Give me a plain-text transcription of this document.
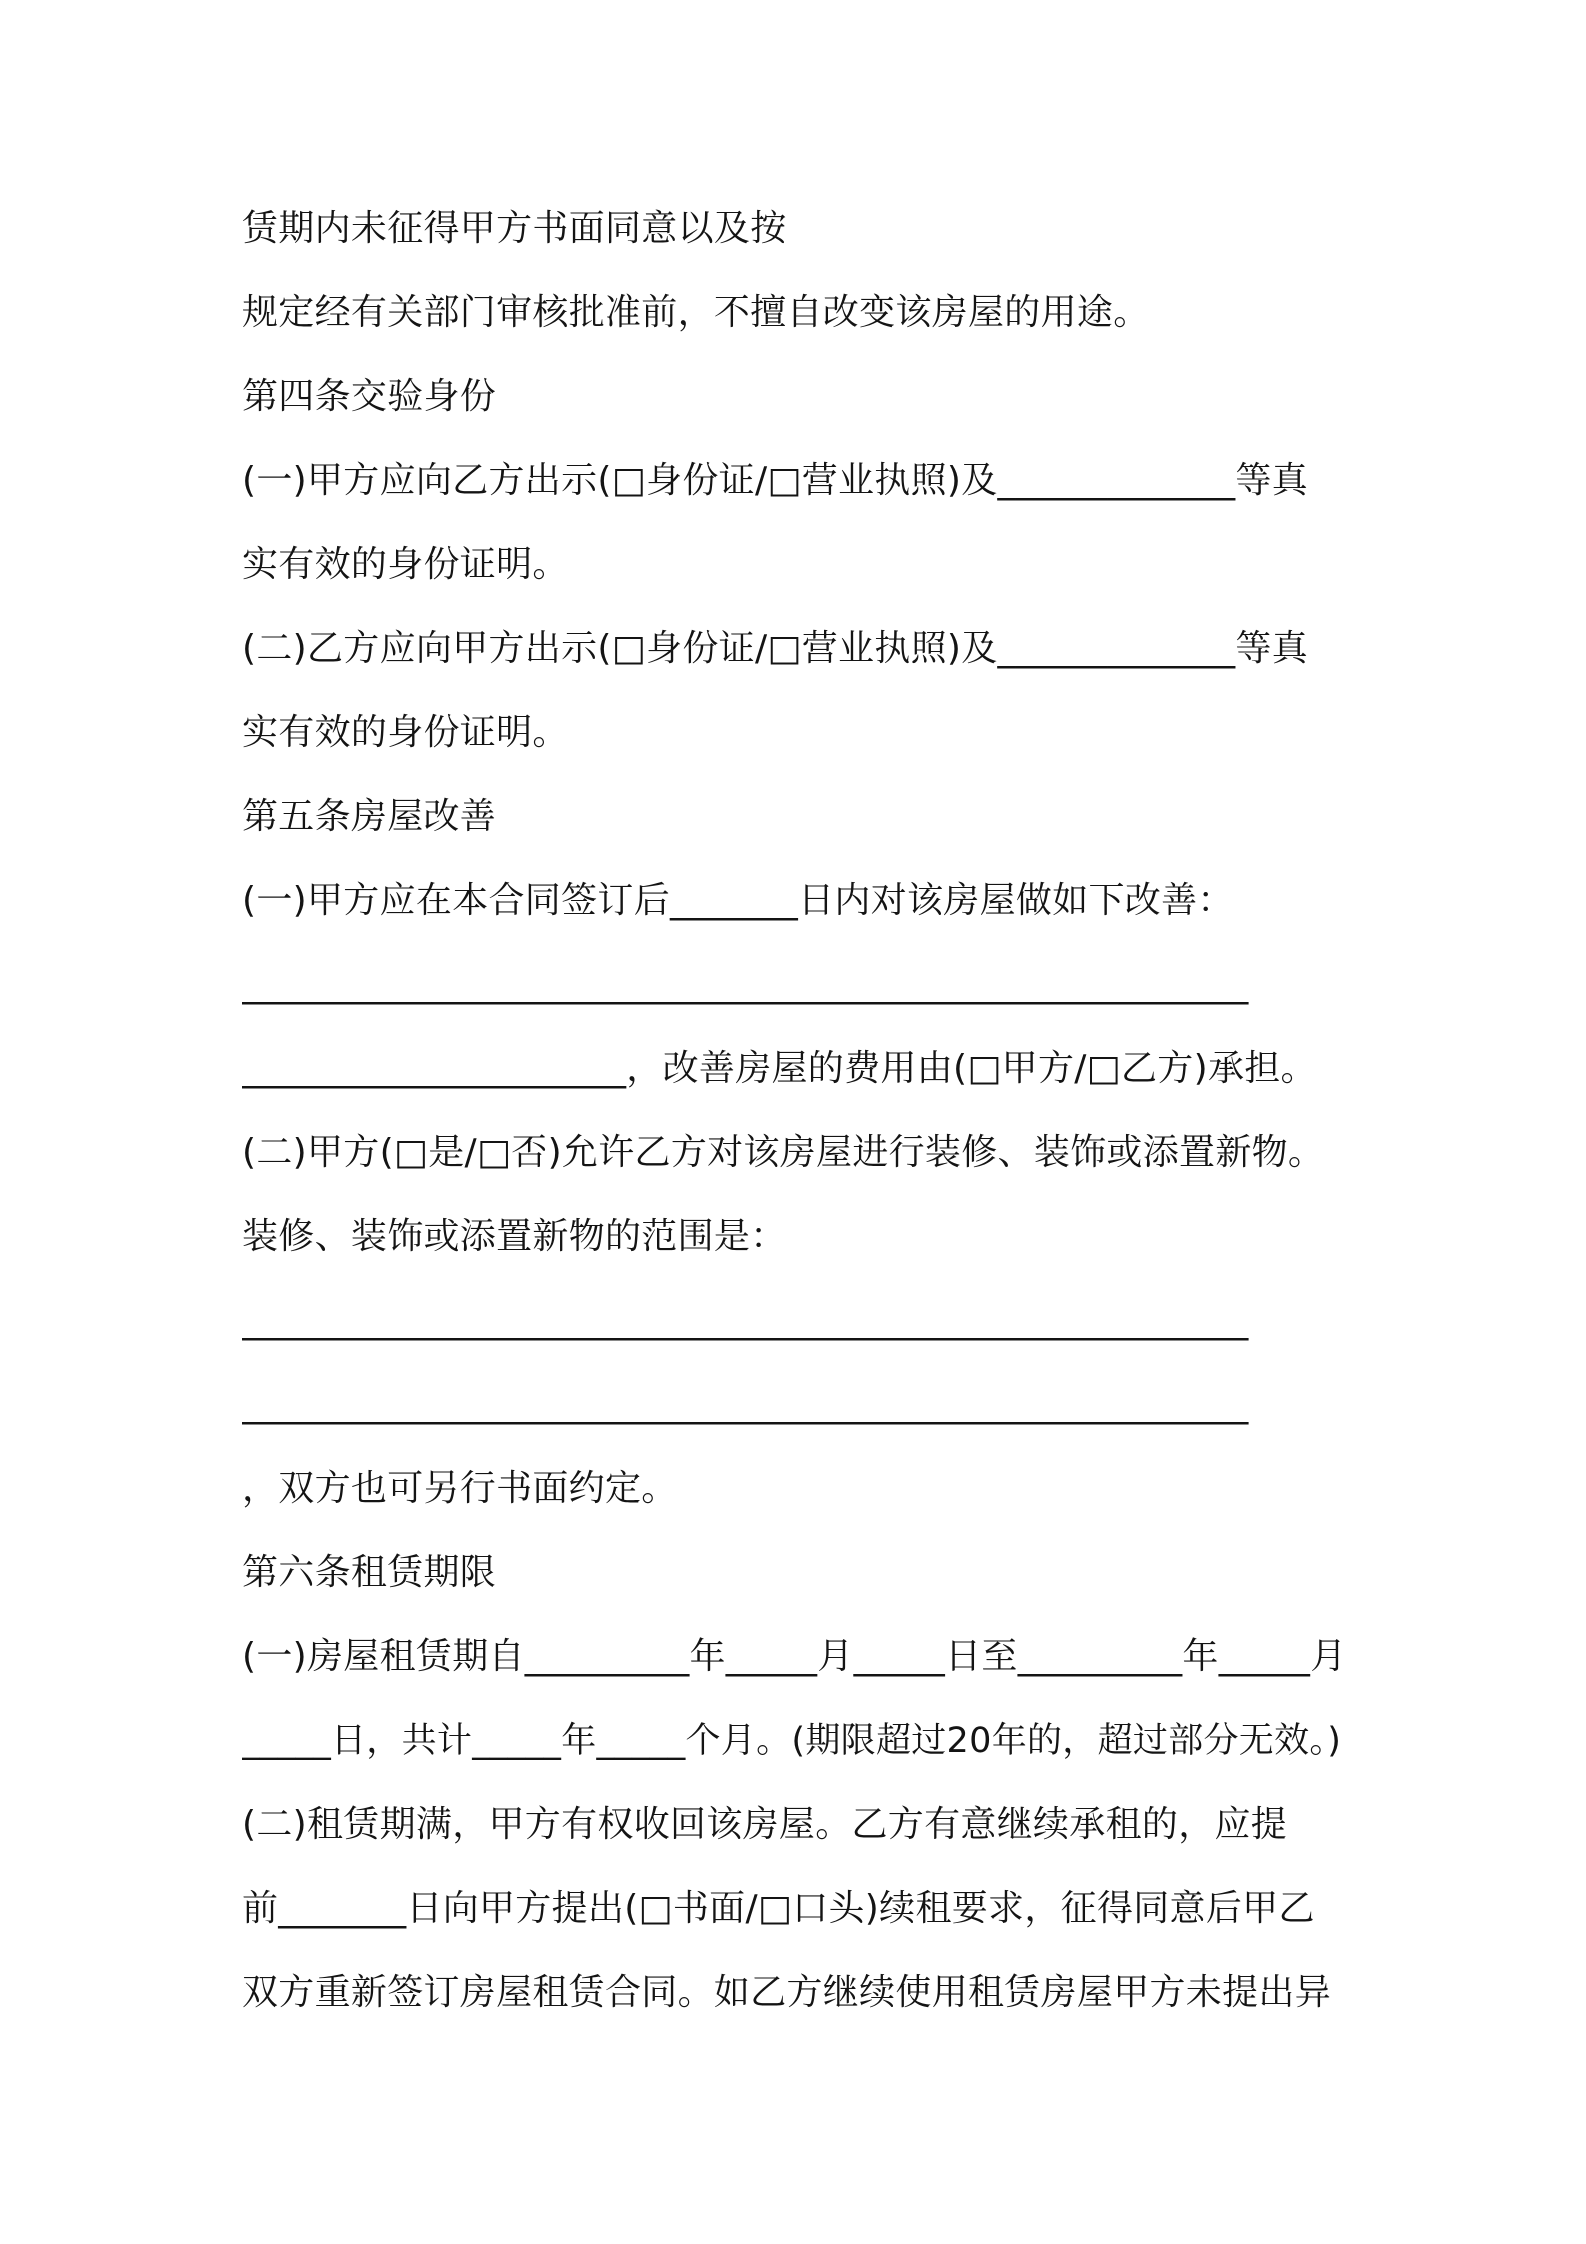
赁期内未征得甲方书面同意以及按
规定经有关部门审核批准前，不擅自改变该房屋的用途。
第四条交验身份
(一)甲方应向乙方出示(□身份证/□营业执照)及_____________等真
实有效的身份证明。
(二)乙方应向甲方出示(□身份证/□营业执照)及_____________等真
实有效的身份证明。
第五条房屋改善
(一)甲方应在本合同签订后_______日内对该房屋做如下改善：
_______________________________________________________
_____________________，改善房屋的费用由(□甲方/□乙方)承担。
(二)甲方(□是/□否)允许乙方对该房屋进行装修、装饰或添置新物。
装修、装饰或添置新物的范围是：
_______________________________________________________
_______________________________________________________
，双方也可另行书面约定。
第六条租赁期限
(一)房屋租赁期自_________年_____月_____日至_________年_____月
_____日，共计_____年_____个月。(期限超过20年的，超过部分无效。)
(二)租赁期满，甲方有权收回该房屋。乙方有意继续承租的，应提
前_______日向甲方提出(□书面/□口头)续租要求，征得同意后甲乙
双方重新签订房屋租赁合同。如乙方继续使用租赁房屋甲方未提出异
